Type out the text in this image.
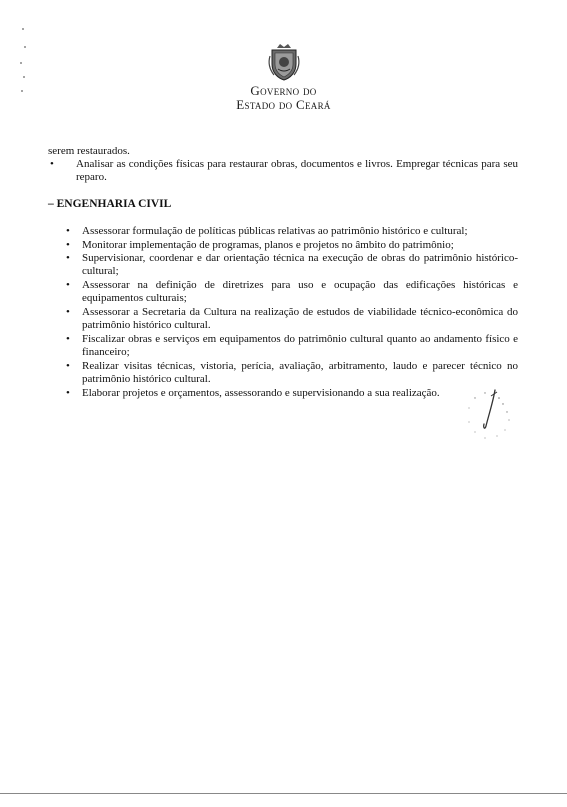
Governo do
Estado do Ceará

serem restaurados.

• Analisar as condições físicas para restaurar obras, documentos e livros. Empregar técnicas para seu reparo.

– ENGENHARIA CIVIL
• Assessorar formulação de políticas públicas relativas ao patrimônio histórico e cultural;
• Monitorar implementação de programas, planos e projetos no âmbito do patrimônio;
• Supervisionar, coordenar e dar orientação técnica na execução de obras do patrimônio histórico-cultural;
• Assessorar na definição de diretrizes para uso e ocupação das edificações históricas e equipamentos culturais;
• Assessorar a Secretaria da Cultura na realização de estudos de viabilidade técnico-econômica do patrimônio histórico cultural.
• Fiscalizar obras e serviços em equipamentos do patrimônio cultural quanto ao andamento físico e financeiro;
• Realizar visitas técnicas, vistoria, perícia, avaliação, arbitramento, laudo e parecer técnico no patrimônio histórico cultural.
• Elaborar projetos e orçamentos, assessorando e supervisionando a sua realização.
